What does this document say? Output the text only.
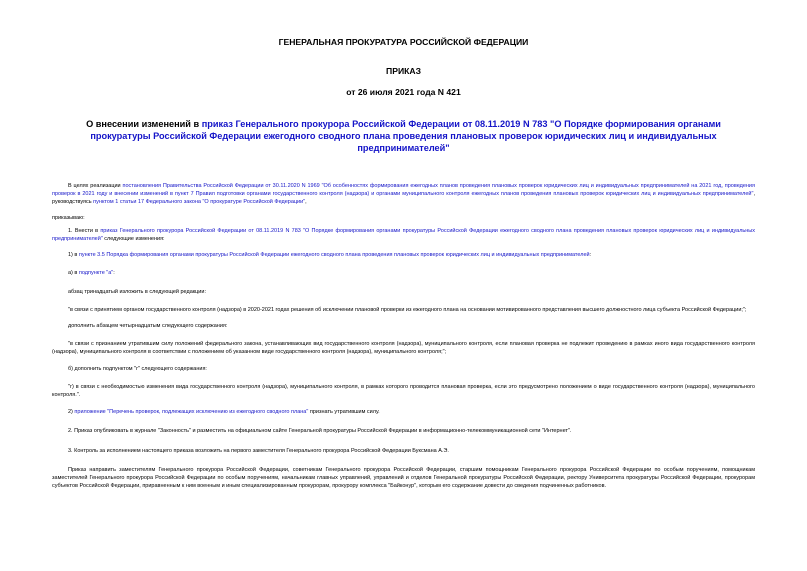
ГЕНЕРАЛЬНАЯ ПРОКУРАТУРА РОССИЙСКОЙ ФЕДЕРАЦИИ
ПРИКАЗ
от 26 июля 2021 года N 421
О внесении изменений в приказ Генерального прокурора Российской Федерации от 08.11.2019 N 783 "О Порядке формирования органами прокуратуры Российской Федерации ежегодного сводного плана проведения плановых проверок юридических лиц и индивидуальных предпринимателей"

В целях реализации постановления Правительства Российской Федерации от 30.11.2020 N 1969 "Об особенностях формирования ежегодных планов проведения плановых проверок юридических лиц и индивидуальных предпринимателей на 2021 год, проведения проверок в 2021 году и внесении изменений в пункт 7 Правил подготовки органами государственного контроля (надзора) и органами муниципального контроля ежегодных планов проведения плановых проверок юридических лиц и индивидуальных предпринимателей", руководствуясь пунктом 1 статьи 17 Федерального закона "О прокуратуре Российской Федерации",

приказываю:

1. Внести в приказ Генерального прокурора Российской Федерации от 08.11.2019 N 783 "О Порядке формирования органами прокуратуры Российской Федерации ежегодного сводного плана проведения плановых проверок юридических лиц и индивидуальных предпринимателей" следующие изменения:

1) в пункте 3.5 Порядка формирования органами прокуратуры Российской Федерации ежегодного сводного плана проведения плановых проверок юридических лиц и индивидуальных предпринимателей:

а) в подпункте "а":

абзац тринадцатый изложить в следующей редакции:

"в связи с принятием органом государственного контроля (надзора) в 2020-2021 годах решения об исключении плановой проверки из ежегодного плана на основании мотивированного представления высшего должностного лица субъекта Российской Федерации;";

дополнить абзацем четырнадцатым следующего содержания:

"в связи с признанием утратившим силу положений федерального закона, устанавливающих вид государственного контроля (надзора), муниципального контроля, если плановая проверка не подлежит проведению в рамках иного вида государственного контроля (надзора), муниципального контроля в соответствии с положением об указанном виде государственного контроля (надзора), муниципального контроля;";

б) дополнить подпунктом "г" следующего содержания:

"г) в связи с необходимостью изменения вида государственного контроля (надзора), муниципального контроля, в рамках которого проводится плановая проверка, если это предусмотрено положением о виде государственного контроля (надзора), муниципального контроля.".

2) приложение "Перечень проверок, подлежащих исключению из ежегодного сводного плана" признать утратившим силу.

2. Приказ опубликовать в журнале "Законность" и разместить на официальном сайте Генеральной прокуратуры Российской Федерации в информационно-телекоммуникационной сети "Интернет".

3. Контроль за исполнением настоящего приказа возложить на первого заместителя Генерального прокурора Российской Федерации Буксмана А.Э.

Приказ направить заместителям Генерального прокурора Российской Федерации, советникам Генерального прокурора Российской Федерации, старшим помощникам Генерального прокурора Российской Федерации по особым поручениям, помощникам заместителей Генерального прокурора Российской Федерации по особым поручениям, начальникам главных управлений, управлений и отделов Генеральной прокуратуры Российской Федерации, ректору Университета прокуратуры Российской Федерации, прокурорам субъектов Российской Федерации, приравненным к ним военным и иным специализированным прокурорам, прокурору комплекса "Байконур", которым его содержание довести до сведения подчиненных работников.
